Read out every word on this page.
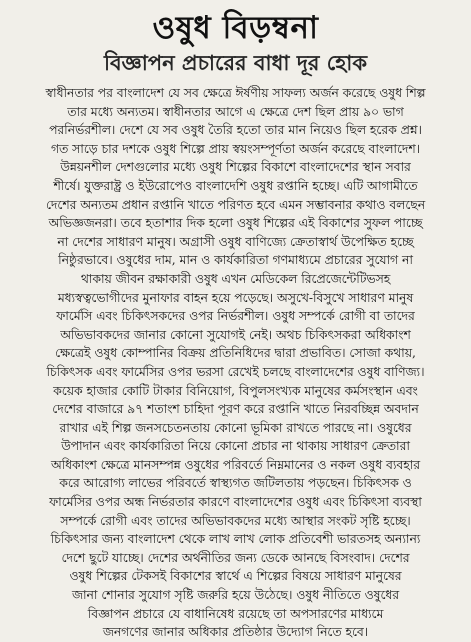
ওষুধ বিড়ম্বনা
বিজ্ঞাপন প্রচারের বাধা দূর হোক
স্বাধীনতার পর বাংলাদেশ যে সব ক্ষেত্রে ঈর্ষণীয় সাফল্য অর্জন করেছে ওষুধ শিল্প
তার মধ্যে অন্যতম। স্বাধীনতার আগে এ ক্ষেত্রে দেশ ছিল প্রায় ৯০ ভাগ
পরনির্ভরশীল। দেশে যে সব ওষুধ তৈরি হতো তার মান নিয়েও ছিল হরেক প্রশ্ন।
গত সাড়ে চার দশকে ওষুধ শিল্পে প্রায় স্বয়ংসম্পূর্ণতা অর্জন করেছে বাংলাদেশ।
উন্নয়নশীল দেশগুলোর মধ্যে ওষুধ শিল্পের বিকাশে বাংলাদেশের স্থান সবার
শীর্ষে। যুক্তরাষ্ট্র ও ইউরোপেও বাংলাদেশি ওষুধ রপ্তানি হচ্ছে। এটি আগামীতে
দেশের অন্যতম প্রধান রপ্তানি খাতে পরিণত হবে এমন সম্ভাবনার কথাও বলছেন
অভিজ্ঞজনরা। তবে হতাশার দিক হলো ওষুধ শিল্পের এই বিকাশের সুফল পাচ্ছে
না দেশের সাধারণ মানুষ। অগ্রাসী ওষুধ বাণিজ্যে ক্রেতাস্বার্থ উপেক্ষিত হচ্ছে
নিষ্ঠুরভাবে। ওষুধের দাম, মান ও কার্যকারিতা গণমাধ্যমে প্রচারের সুযোগ না
থাকায় জীবন রক্ষাকারী ওষুধ এখন মেডিকেল রিপ্রেজেন্টেটিভসহ
মধ্যস্বত্বভোগীদের মুনাফার বাহন হয়ে পড়েছে। অসুখে-বিসুখে সাধারণ মানুষ
ফার্মেসি এবং চিকিৎসকদের ওপর নির্ভরশীল। ওষুধ সম্পর্কে রোগী বা তাদের
অভিভাবকদের জানার কোনো সুযোগই নেই। অথচ চিকিৎসকরা অধিকাংশ
ক্ষেত্রেই ওষুধ কোম্পানির বিক্রয় প্রতিনিধিদের দ্বারা প্রভাবিত। সোজা কথায়,
চিকিৎসক এবং ফার্মেসির ওপর ভরসা রেখেই চলছে বাংলাদেশের ওষুধ বাণিজ্য।
কয়েক হাজার কোটি টাকার বিনিয়োগ, বিপুলসংখ্যক মানুষের কর্মসংস্থান এবং
দেশের বাজারে ৯৭ শতাংশ চাহিদা পূরণ করে রপ্তানি খাতে নিরবচ্ছিন্ন অবদান
রাখার এই শিল্প জনসচেতনতায় কোনো ভূমিকা রাখতে পারছে না। ওষুধের
উপাদান এবং কার্যকারিতা নিয়ে কোনো প্রচার না থাকায় সাধারণ ক্রেতারা
অধিকাংশ ক্ষেত্রে মানসম্পন্ন ওষুধের পরিবর্তে নিম্নমানের ও নকল ওষুধ ব্যবহার
করে আরোগ্য লাভের পরিবর্তে স্বাস্থ্যগত জটিলতায় পড়ছেন। চিকিৎসক ও
ফার্মেসির ওপর অন্ধ নির্ভরতার কারণে বাংলাদেশের ওষুধ এবং চিকিৎসা ব্যবস্থা
সম্পর্কে রোগী এবং তাদের অভিভাবকদের মধ্যে আস্থার সংকট সৃষ্টি হচ্ছে।
চিকিৎসার জন্য বাংলাদেশ থেকে লাখ লাখ লোক প্রতিবেশী ভারতসহ অন্যান্য
দেশে ছুটে যাচ্ছে। দেশের অর্থনীতির জন্য ডেকে আনছে বিসংবাদ। দেশের
ওষুধ শিল্পের টেকসই বিকাশের স্বার্থে এ শিল্পের বিষয়ে সাধারণ মানুষের
জানা শোনার সুযোগ সৃষ্টি জরুরি হয়ে উঠেছে। ওষুধ নীতিতে ওষুধের
বিজ্ঞাপন প্রচারে যে বাধানিষেধ রয়েছে তা অপসারণের মাধ্যমে
জনগণের জানার অধিকার প্রতিষ্ঠার উদ্যোগ নিতে হবে।
